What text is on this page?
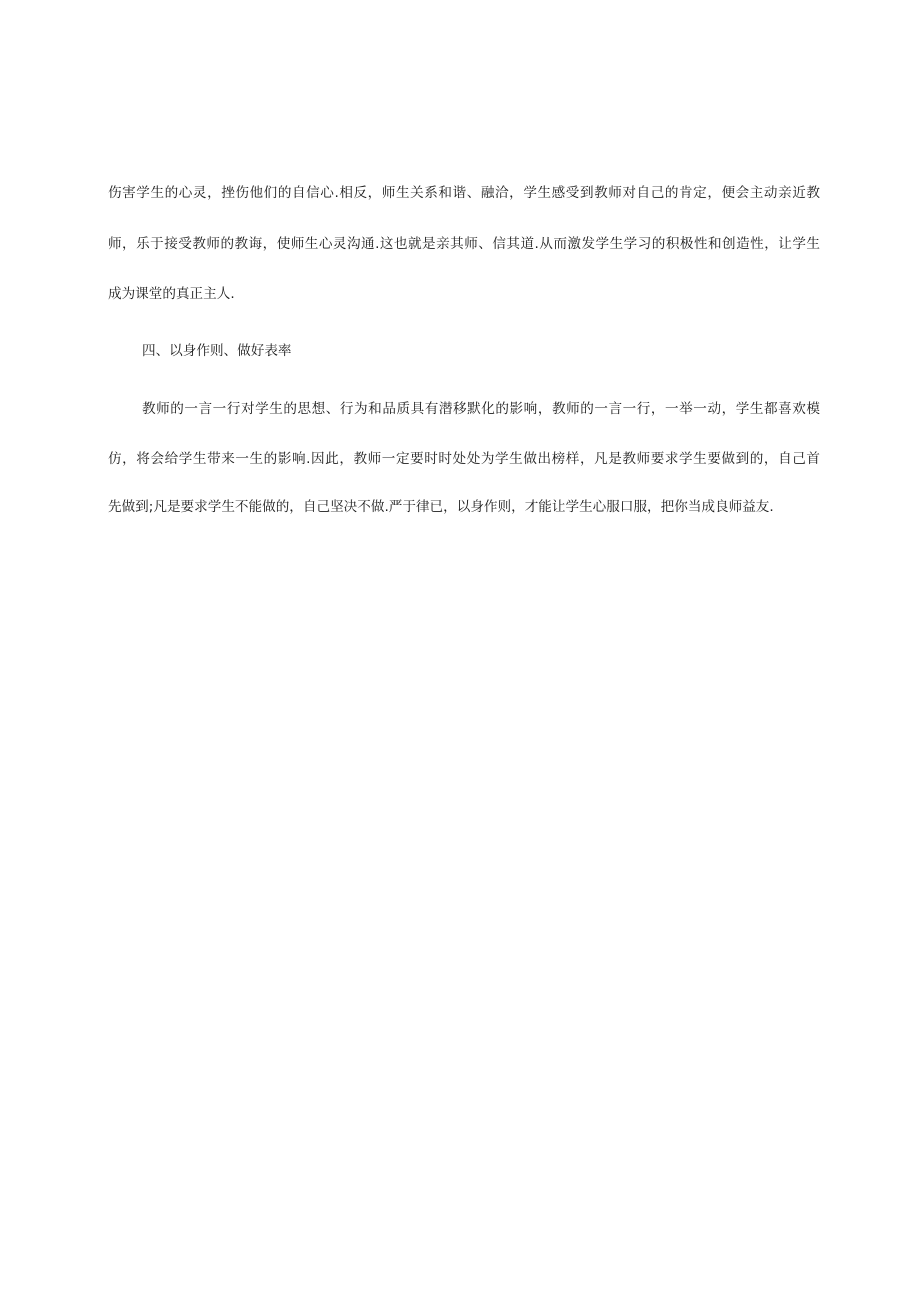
伤害学生的心灵，挫伤他们的自信心.相反，师生关系和谐、融洽，学生感受到教师对自己的肯定，便会主动亲近教
师，乐于接受教师的教诲，使师生心灵沟通.这也就是亲其师、信其道.从而激发学生学习的积极性和创造性，让学生
成为课堂的真正主人.
四、以身作则、做好表率
教师的一言一行对学生的思想、行为和品质具有潜移默化的影响，教师的一言一行，一举一动，学生都喜欢模
仿，将会给学生带来一生的影响.因此，教师一定要时时处处为学生做出榜样，凡是教师要求学生要做到的，自己首
先做到;凡是要求学生不能做的，自己坚决不做.严于律已，以身作则，才能让学生心服口服，把你当成良师益友.
